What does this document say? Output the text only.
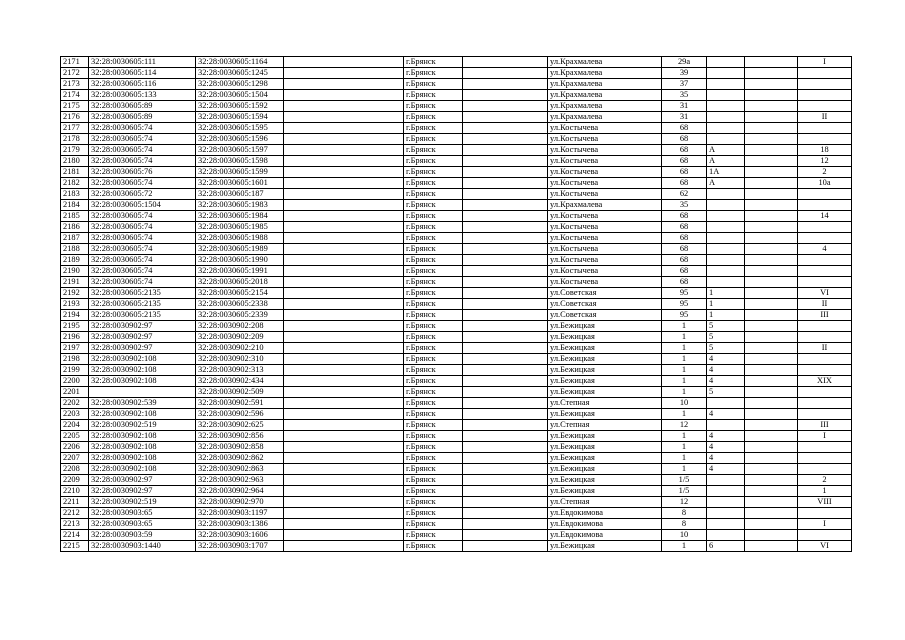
2171	32:28:0030605:111	32:28:0030605:1164		г.Брянск		ул.Крахмалева	29а			I
2172	32:28:0030605:114	32:28:0030605:1245		г.Брянск		ул.Крахмалева	39			
2173	32:28:0030605:116	32:28:0030605:1298		г.Брянск		ул.Крахмалева	37			
2174	32:28:0030605:133	32:28:0030605:1504		г.Брянск		ул.Крахмалева	35			
2175	32:28:0030605:89	32:28:0030605:1592		г.Брянск		ул.Крахмалева	31			
2176	32:28:0030605:89	32:28:0030605:1594		г.Брянск		ул.Крахмалева	31			II
2177	32:28:0030605:74	32:28:0030605:1595		г.Брянск		ул.Костычева	68			
2178	32:28:0030605:74	32:28:0030605:1596		г.Брянск		ул.Костычева	68			
2179	32:28:0030605:74	32:28:0030605:1597		г.Брянск		ул.Костычева	68	А		18
2180	32:28:0030605:74	32:28:0030605:1598		г.Брянск		ул.Костычева	68	А		12
2181	32:28:0030605:76	32:28:0030605:1599		г.Брянск		ул.Костычева	68	1А		2
2182	32:28:0030605:74	32:28:0030605:1601		г.Брянск		ул.Костычева	68	А		10а
2183	32:28:0030605:72	32:28:0030605:187		г.Брянск		ул.Костычева	62			
2184	32:28:0030605:1504	32:28:0030605:1983		г.Брянск		ул.Крахмалева	35			
2185	32:28:0030605:74	32:28:0030605:1984		г.Брянск		ул.Костычева	68			14
2186	32:28:0030605:74	32:28:0030605:1985		г.Брянск		ул.Костычева	68			
2187	32:28:0030605:74	32:28:0030605:1988		г.Брянск		ул.Костычева	68			
2188	32:28:0030605:74	32:28:0030605:1989		г.Брянск		ул.Костычева	68			4
2189	32:28:0030605:74	32:28:0030605:1990		г.Брянск		ул.Костычева	68			
2190	32:28:0030605:74	32:28:0030605:1991		г.Брянск		ул.Костычева	68			
2191	32:28:0030605:74	32:28:0030605:2018		г.Брянск		ул.Костычева	68			
2192	32:28:0030605:2135	32:28:0030605:2154		г.Брянск		ул.Советская	95	1		VI
2193	32:28:0030605:2135	32:28:0030605:2338		г.Брянск		ул.Советская	95	1		II
2194	32:28:0030605:2135	32:28:0030605:2339		г.Брянск		ул.Советская	95	1		III
2195	32:28:0030902:97	32:28:0030902:208		г.Брянск		ул.Бежицкая	1	5		
2196	32:28:0030902:97	32:28:0030902:209		г.Брянск		ул.Бежицкая	1	5		
2197	32:28:0030902:97	32:28:0030902:210		г.Брянск		ул.Бежицкая	1	5		II
2198	32:28:0030902:108	32:28:0030902:310		г.Брянск		ул.Бежицкая	1	4		
2199	32:28:0030902:108	32:28:0030902:313		г.Брянск		ул.Бежицкая	1	4		
2200	32:28:0030902:108	32:28:0030902:434		г.Брянск		ул.Бежицкая	1	4		XIX
2201		32:28:0030902:509		г.Брянск		ул.Бежицкая	1	5		
2202	32:28:0030902:539	32:28:0030902:591		г.Брянск		ул.Степная	10			
2203	32:28:0030902:108	32:28:0030902:596		г.Брянск		ул.Бежицкая	1	4		
2204	32:28:0030902:519	32:28:0030902:625		г.Брянск		ул.Степная	12			III
2205	32:28:0030902:108	32:28:0030902:856		г.Брянск		ул.Бежицкая	1	4		I
2206	32:28:0030902:108	32:28:0030902:858		г.Брянск		ул.Бежицкая	1	4		
2207	32:28:0030902:108	32:28:0030902:862		г.Брянск		ул.Бежицкая	1	4		
2208	32:28:0030902:108	32:28:0030902:863		г.Брянск		ул.Бежицкая	1	4		
2209	32:28:0030902:97	32:28:0030902:963		г.Брянск		ул.Бежицкая	1/5			2
2210	32:28:0030902:97	32:28:0030902:964		г.Брянск		ул.Бежицкая	1/5			1
2211	32:28:0030902:519	32:28:0030902:970		г.Брянск		ул.Степная	12			VIII
2212	32:28:0030903:65	32:28:0030903:1197		г.Брянск		ул.Евдокимова	8			
2213	32:28:0030903:65	32:28:0030903:1386		г.Брянск		ул.Евдокимова	8			I
2214	32:28:0030903:59	32:28:0030903:1606		г.Брянск		ул.Евдокимова	10			
2215	32:28:0030903:1440	32:28:0030903:1707		г.Брянск		ул.Бежицкая	1	6		VI
